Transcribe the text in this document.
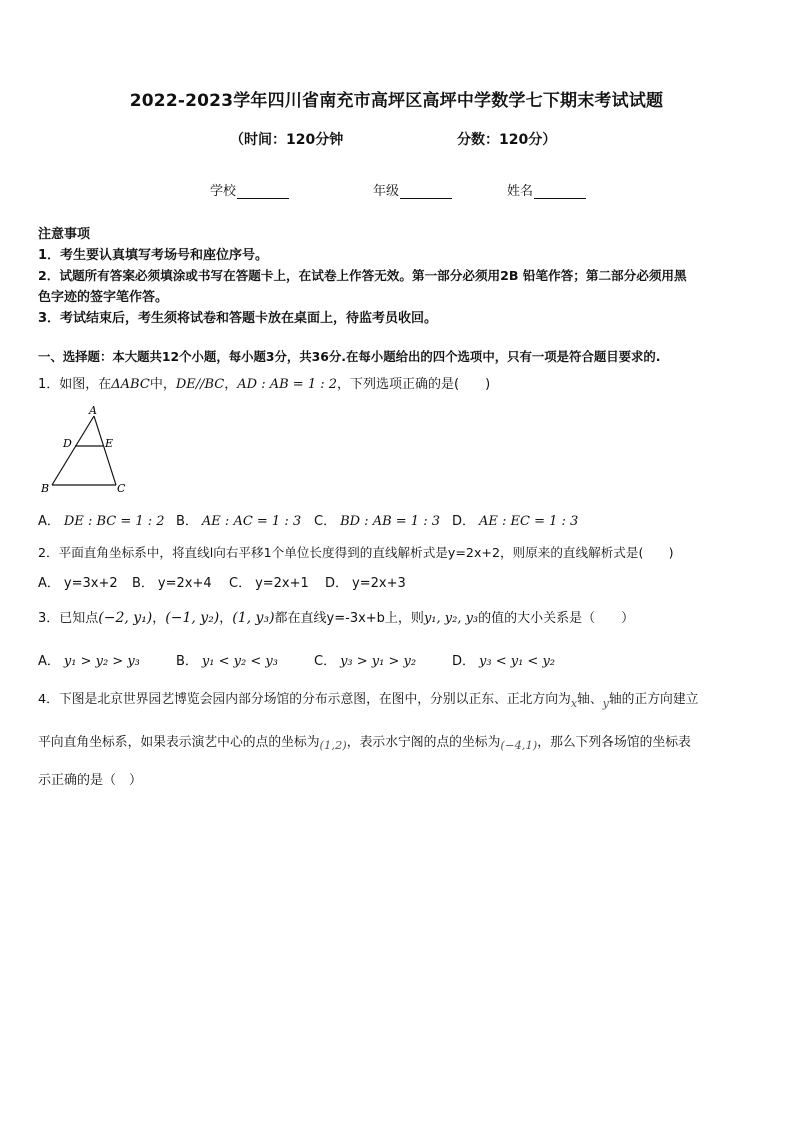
2022-2023学年四川省南充市高坪区高坪中学数学七下期末考试试题
（时间：120分钟	分数：120分）
学校	年级	姓名
注意事项
1．考生要认真填写考场号和座位序号。
2．试题所有答案必须填涂或书写在答题卡上，在试卷上作答无效。第一部分必须用2B 铅笔作答；第二部分必须用黑
色字迹的签字笔作答。
3．考试结束后，考生须将试卷和答题卡放在桌面上，待监考员收回。
一、选择题：本大题共12个小题，每小题3分，共36分.在每小题给出的四个选项中，只有一项是符合题目要求的.
1．如图，在ΔABC中，DE//BC，AD : AB = 1 : 2，下列选项正确的是(　　)
A
D	E
B	C
A． DE : BC = 1 : 2 B． AE : AC = 1 : 3 C． BD : AB = 1 : 3 D． AE : EC = 1 : 3
2．平面直角坐标系中，将直线l向右平移1个单位长度得到的直线解析式是y=2x+2，则原来的直线解析式是(　　)
A． y=3x+2	B． y=2x+4	C． y=2x+1	D． y=2x+3
3．已知点(−2, y₁)，(−1, y₂)，(1, y₃)都在直线y=-3x+b上，则y₁, y₂, y₃的值的大小关系是（　　）
A． y₁ > y₂ > y₃	B． y₁ < y₂ < y₃	C． y₃ > y₁ > y₂	D． y₃ < y₁ < y₂
4．下图是北京世界园艺博览会园内部分场馆的分布示意图，在图中，分别以正东、正北方向为x轴、y轴的正方向建立
平向直角坐标系，如果表示演艺中心的点的坐标为(1,2)，表示水宁阁的点的坐标为(−4,1)，那么下列各场馆的坐标表
示正确的是（　）
